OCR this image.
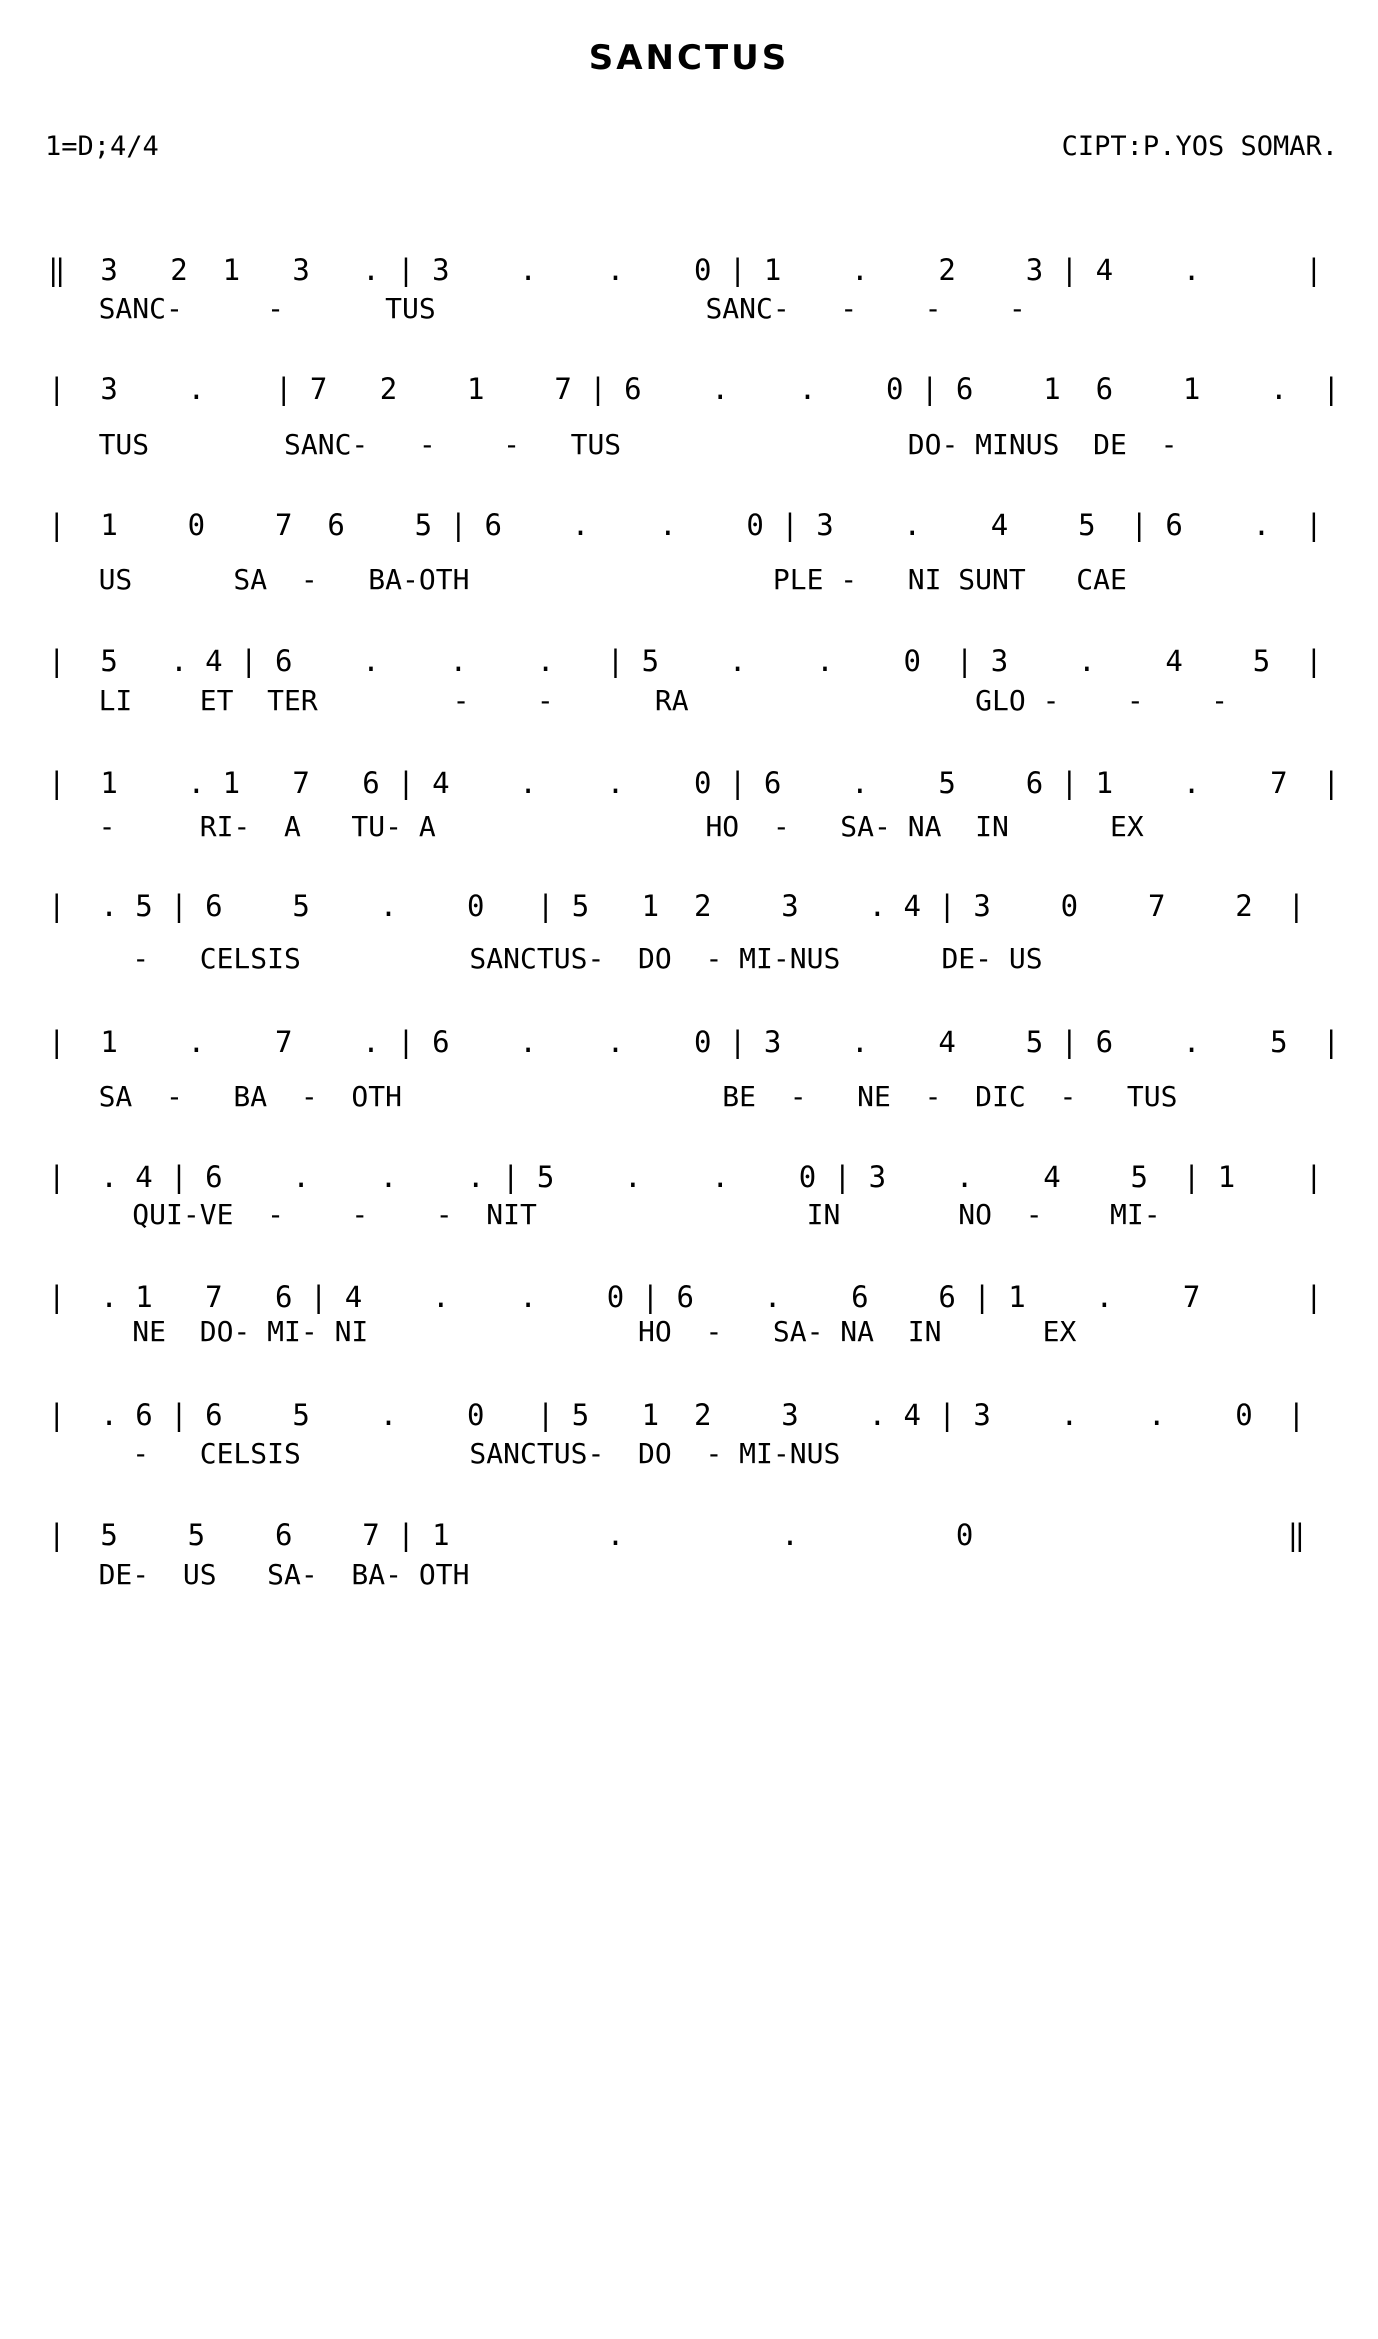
SANCTUS
1=D;4/4	CIPT:P.YOS SOMAR.
‖  3   2  1   3   . | 3    .    .    0 | 1    .    2    3 | 4    .      |
SANC-     -      TUS                SANC-   -    -    -
|  3    .    | 7   2    1    7 | 6    .    .    0 | 6    1  6    1    .  |
TUS        SANC-   -    -   TUS                 DO- MINUS  DE  -
|  1    0    7  6    5 | 6    .    .    0 | 3    .    4    5  | 6    .  |
US      SA  -   BA-OTH                  PLE -   NI SUNT   CAE
|  5   . 4 | 6    .    .    .   | 5    .    .    0  | 3    .    4    5  |
LI    ET  TER        -    -      RA                 GLO -    -    -
|  1    . 1   7   6 | 4    .    .    0 | 6    .    5    6 | 1    .    7  |
-     RI-  A   TU- A                HO  -   SA- NA  IN      EX
|  . 5 | 6    5    .    0   | 5   1  2    3    . 4 | 3    0    7    2  |
-   CELSIS          SANCTUS-  DO  - MI-NUS      DE- US
|  1    .    7    . | 6    .    .    0 | 3    .    4    5 | 6    .    5  |
SA  -   BA  -  OTH                   BE  -   NE  -  DIC  -   TUS
|  . 4 | 6    .    .    . | 5    .    .    0 | 3    .    4    5  | 1    |
QUI-VE  -    -    -  NIT                IN       NO  -    MI-
|  . 1   7   6 | 4    .    .    0 | 6    .    6    6 | 1    .    7      |
NE  DO- MI- NI                HO  -   SA- NA  IN      EX
|  . 6 | 6    5    .    0   | 5   1  2    3    . 4 | 3    .    .    0  |
-   CELSIS          SANCTUS-  DO  - MI-NUS
|  5    5    6    7 | 1         .         .         0                  ‖
DE-  US   SA-  BA- OTH
